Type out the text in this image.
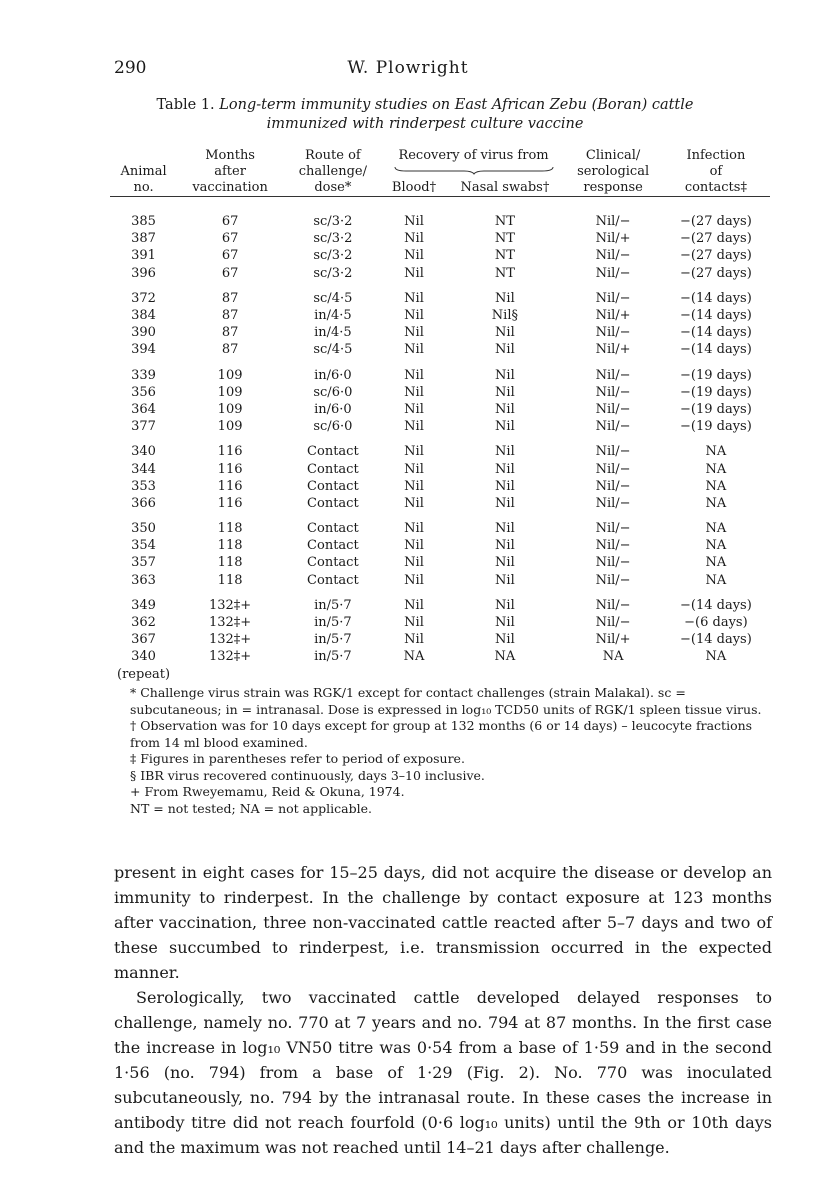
290	W. Plowright
Table 1. Long-term immunity studies on East African Zebu (Boran) cattle immunized with rinderpest culture vaccine
	Months	Route of	Recovery of virus from		Clinical/	Infection
Animal	after	challenge/			serological	of
no.	vaccination	dose*	Blood†	Nasal swabs†	response	contacts‡

385	67	sc/3·2	Nil	NT	Nil/−	−(27 days)
387	67	sc/3·2	Nil	NT	Nil/+	−(27 days)
391	67	sc/3·2	Nil	NT	Nil/−	−(27 days)
396	67	sc/3·2	Nil	NT	Nil/−	−(27 days)

372	87	sc/4·5	Nil	Nil	Nil/−	−(14 days)
384	87	in/4·5	Nil	Nil§	Nil/+	−(14 days)
390	87	in/4·5	Nil	Nil	Nil/−	−(14 days)
394	87	sc/4·5	Nil	Nil	Nil/+	−(14 days)

339	109	in/6·0	Nil	Nil	Nil/−	−(19 days)
356	109	sc/6·0	Nil	Nil	Nil/−	−(19 days)
364	109	in/6·0	Nil	Nil	Nil/−	−(19 days)
377	109	sc/6·0	Nil	Nil	Nil/−	−(19 days)

340	116	Contact	Nil	Nil	Nil/−	NA
344	116	Contact	Nil	Nil	Nil/−	NA
353	116	Contact	Nil	Nil	Nil/−	NA
366	116	Contact	Nil	Nil	Nil/−	NA

350	118	Contact	Nil	Nil	Nil/−	NA
354	118	Contact	Nil	Nil	Nil/−	NA
357	118	Contact	Nil	Nil	Nil/−	NA
363	118	Contact	Nil	Nil	Nil/−	NA

349	132‡+	in/5·7	Nil	Nil	Nil/−	−(14 days)
362	132‡+	in/5·7	Nil	Nil	Nil/−	−(6 days)
367	132‡+	in/5·7	Nil	Nil	Nil/+	−(14 days)
340	132‡+	in/5·7	NA	NA	NA	NA
(repeat)						

* Challenge virus strain was RGK/1 except for contact challenges (strain Malakal). sc = subcutaneous; in = intranasal. Dose is expressed in log₁₀ TCD50 units of RGK/1 spleen tissue virus.

† Observation was for 10 days except for group at 132 months (6 or 14 days) – leucocyte fractions from 14 ml blood examined.

‡ Figures in parentheses refer to period of exposure.

§ IBR virus recovered continuously, days 3–10 inclusive.

+ From Rweyemamu, Reid & Okuna, 1974.

NT = not tested; NA = not applicable.

present in eight cases for 15–25 days, did not acquire the disease or develop an immunity to rinderpest. In the challenge by contact exposure at 123 months after vaccination, three non-vaccinated cattle reacted after 5–7 days and two of these succumbed to rinderpest, i.e. transmission occurred in the expected manner.

Serologically, two vaccinated cattle developed delayed responses to challenge, namely no. 770 at 7 years and no. 794 at 87 months. In the first case the increase in log₁₀ VN50 titre was 0·54 from a base of 1·59 and in the second 1·56 (no. 794) from a base of 1·29 (Fig. 2). No. 770 was inoculated subcutaneously, no. 794 by the intranasal route. In these cases the increase in antibody titre did not reach fourfold (0·6 log₁₀ units) until the 9th or 10th days and the maximum was not reached until 14–21 days after challenge.
